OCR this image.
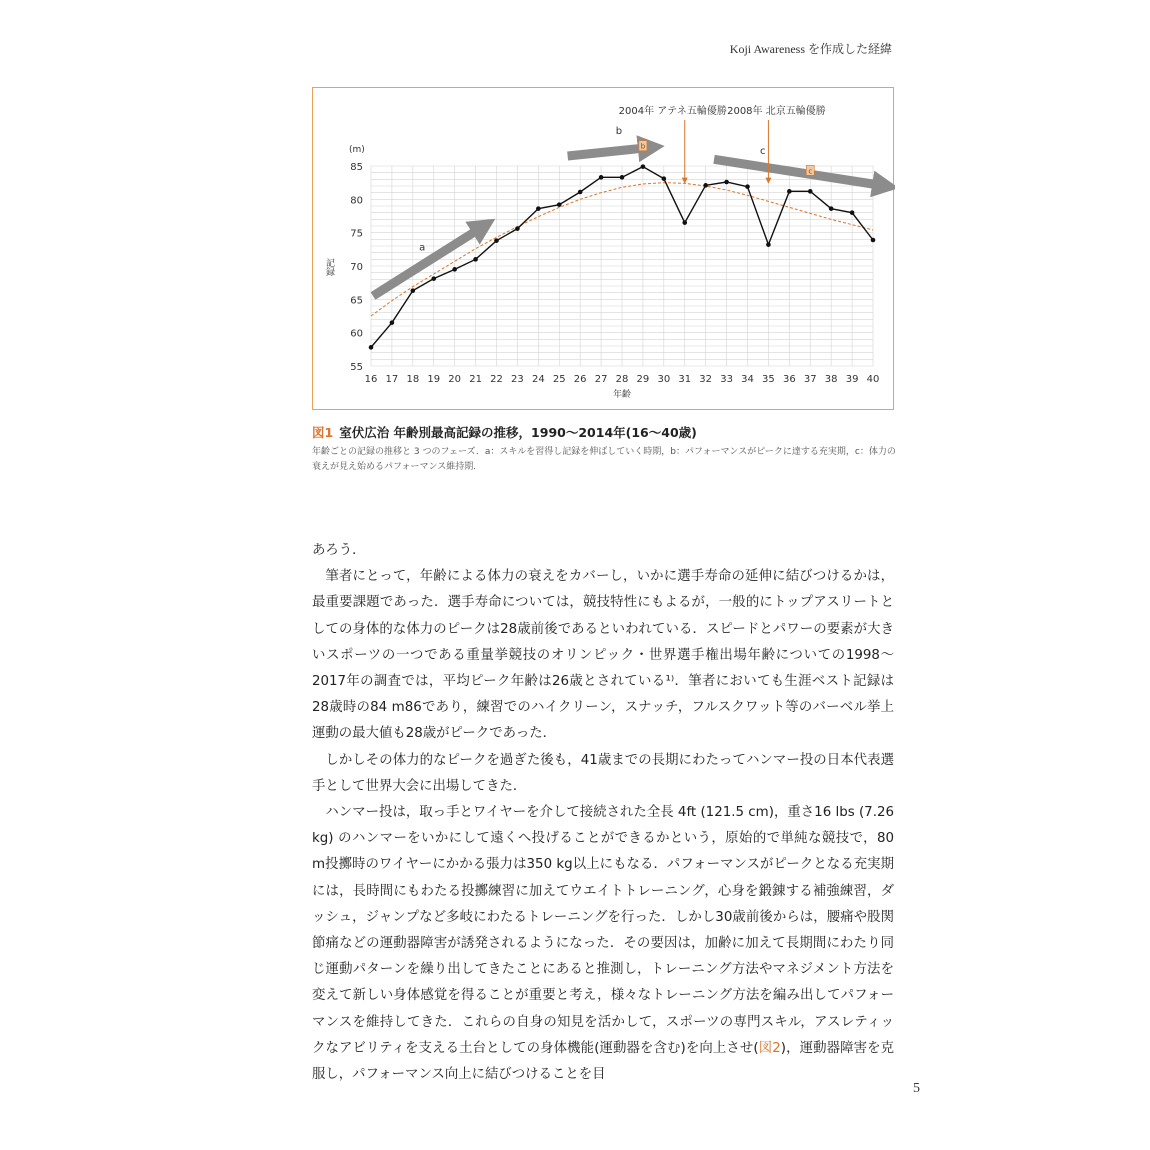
Koji Awareness を作成した経緯
55
60
65
70
75
80
85
16 17 18 19 20 21 22 23 24 25 26 27 28 29 30 31 32 33 34 35 36 37 38 39 40
(m)
記録
年齢
a
b
c
2004年 アテネ五輪優勝 2008年 北京五輪優勝
b
c
図1 室伏広治 年齢別最高記録の推移，1990～2014年(16～40歳)
年齢ごとの記録の推移と 3 つのフェーズ．a：スキルを習得し記録を伸ばしていく時期，b：パフォーマンスがピークに達する充実期，c：体力の衰えが見え始めるパフォーマンス維持期．

あろう．

筆者にとって，年齢による体力の衰えをカバーし，いかに選手寿命の延伸に結びつけるかは，最重要課題であった．選手寿命については，競技特性にもよるが，一般的にトップアスリートとしての身体的な体力のピークは28歳前後であるといわれている．スピードとパワーの要素が大きいスポーツの一つである重量挙競技のオリンピック・世界選手権出場年齢についての1998～2017年の調査では，平均ピーク年齢は26歳とされている¹⁾．筆者においても生涯ベスト記録は28歳時の84 m86であり，練習でのハイクリーン，スナッチ，フルスクワット等のバーベル挙上運動の最大値も28歳がピークであった．

しかしその体力的なピークを過ぎた後も，41歳までの長期にわたってハンマー投の日本代表選手として世界大会に出場してきた．

ハンマー投は，取っ手とワイヤーを介して接続された全長 4ft (121.5 cm)，重さ16 lbs (7.26 kg) のハンマーをいかにして遠くへ投げることができるかという，原始的で単純な競技で，80 m投擲時のワイヤーにかかる張力は350 kg以上にもなる．パフォーマンスがピークとなる充実期には，長時間にもわたる投擲練習に加えてウエイトトレーニング，心身を鍛錬する補強練習，ダッシュ，ジャンプなど多岐にわたるトレーニングを行った．しかし30歳前後からは，腰痛や股関節痛などの運動器障害が誘発されるようになった．その要因は，加齢に加えて長期間にわたり同じ運動パターンを繰り出してきたことにあると推測し，トレーニング方法やマネジメント方法を変えて新しい身体感覚を得ることが重要と考え，様々なトレーニング方法を編み出してパフォーマンスを維持してきた．これらの自身の知見を活かして，スポーツの専門スキル，アスレティックなアビリティを支える土台としての身体機能(運動器を含む)を向上させ(図2)，運動器障害を克服し，パフォーマンス向上に結びつけることを目

5
